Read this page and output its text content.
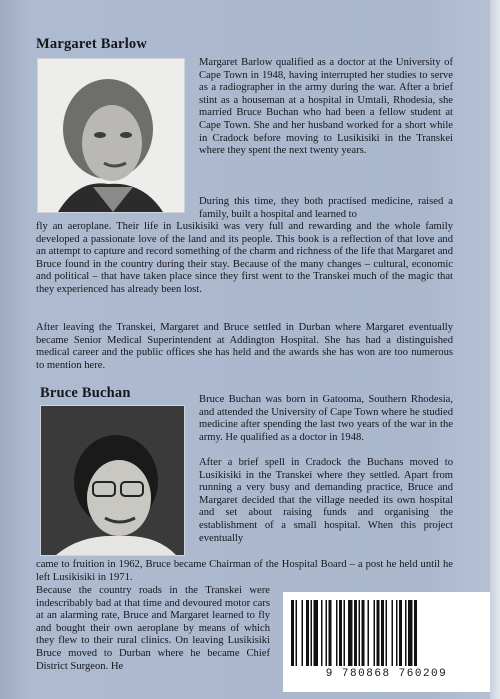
Margaret Barlow

Margaret Barlow qualified as a doctor at the University of Cape Town in 1948, having interrupted her studies to serve as a radiographer in the army during the war. After a brief stint as a houseman at a hospital in Umtali, Rhodesia, she married Bruce Buchan who had been a fellow student at Cape Town. She and her husband worked for a short while in Cradock before moving to Lusikisiki in the Transkei where they spent the next twenty years.

During this time, they both practised medicine, raised a family, built a hospital and learned to

fly an aeroplane. Their life in Lusikisiki was very full and rewarding and the whole family developed a passionate love of the land and its people. This book is a reflection of that love and an attempt to capture and record something of the charm and richness of the life that Margaret and Bruce found in the country during their stay. Because of the many changes – cultural, economic and political – that have taken place since they first went to the Transkei much of the magic that they experienced has already been lost.

After leaving the Transkei, Margaret and Bruce settled in Durban where Margaret eventually became Senior Medical Superintendent at Addington Hospital. She has had a distinguished medical career and the public offices she has held and the awards she has won are too numerous to mention here.

Bruce Buchan	Bruce Buchan was born in Gatooma, Southern Rhodesia, and attended the University of Cape Town where he studied medicine after spending the last two years of the war in the army. He qualified as a doctor in 1948.

After a brief spell in Cradock the Buchans moved to Lusikisiki in the Transkei where they settled. Apart from running a very busy and demanding practice, Bruce and Margaret decided that the village needed its own hospital and set about raising funds and organising the establishment of a small hospital. When this project eventually

came to fruition in 1962, Bruce became Chairman of the Hospital Board – a post he held until he left Lusikisiki in 1971.

Because the country roads in the Transkei were indescribably bad at that time and devoured motor cars at an alarming rate, Bruce and Margaret learned to fly and bought their own aeroplane by means of which they flew to their rural clinics. On leaving Lusikisiki Bruce moved to Durban where he became Chief District Surgeon. He

9 780868 760209
